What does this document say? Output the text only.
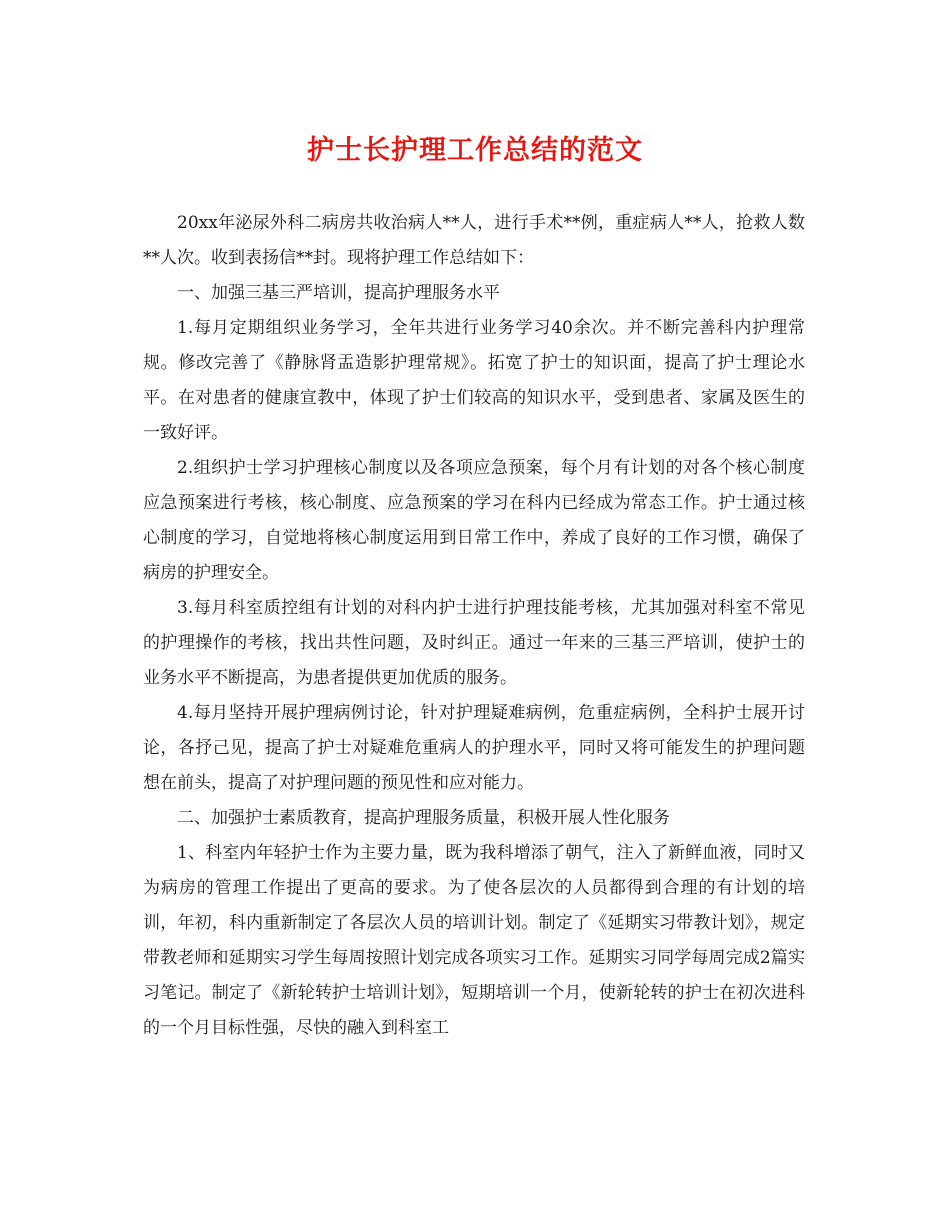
护士长护理工作总结的范文

20xx年泌尿外科二病房共收治病人**人，进行手术**例，重症病人**人，抢救人数**人次。收到表扬信**封。现将护理工作总结如下：

一、加强三基三严培训，提高护理服务水平

1.每月定期组织业务学习，全年共进行业务学习40余次。并不断完善科内护理常规。修改完善了《静脉肾盂造影护理常规》。拓宽了护士的知识面，提高了护士理论水平。在对患者的健康宣教中，体现了护士们较高的知识水平，受到患者、家属及医生的一致好评。

2.组织护士学习护理核心制度以及各项应急预案，每个月有计划的对各个核心制度应急预案进行考核，核心制度、应急预案的学习在科内已经成为常态工作。护士通过核心制度的学习，自觉地将核心制度运用到日常工作中，养成了良好的工作习惯，确保了病房的护理安全。

3.每月科室质控组有计划的对科内护士进行护理技能考核，尤其加强对科室不常见的护理操作的考核，找出共性问题，及时纠正。通过一年来的三基三严培训，使护士的业务水平不断提高，为患者提供更加优质的服务。

4.每月坚持开展护理病例讨论，针对护理疑难病例，危重症病例，全科护士展开讨论，各抒己见，提高了护士对疑难危重病人的护理水平，同时又将可能发生的护理问题想在前头，提高了对护理问题的预见性和应对能力。

二、加强护士素质教育，提高护理服务质量，积极开展人性化服务

1、科室内年轻护士作为主要力量，既为我科增添了朝气，注入了新鲜血液，同时又为病房的管理工作提出了更高的要求。为了使各层次的人员都得到合理的有计划的培训，年初，科内重新制定了各层次人员的培训计划。制定了《延期实习带教计划》，规定带教老师和延期实习学生每周按照计划完成各项实习工作。延期实习同学每周完成2篇实习笔记。制定了《新轮转护士培训计划》，短期培训一个月，使新轮转的护士在初次进科的一个月目标性强，尽快的融入到科室工
